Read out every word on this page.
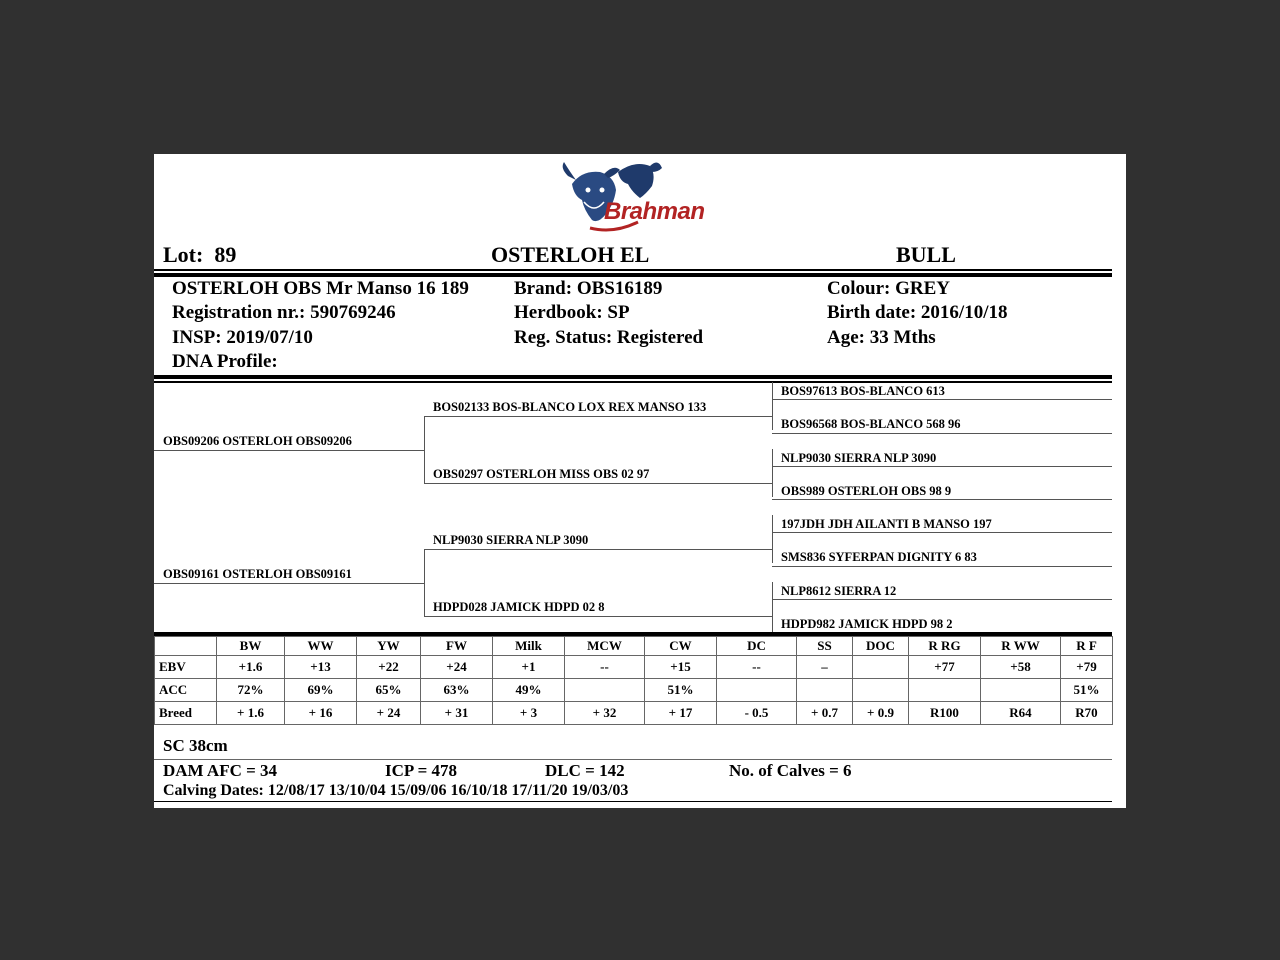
Brahman
Lot: 89	OSTERLOH EL	BULL
OSTERLOH OBS Mr Manso 16 189
Registration nr.: 590769246
INSP: 2019/07/10
DNA Profile:
Brand: OBS16189
Herdbook: SP
Reg. Status: Registered
Colour: GREY
Birth date: 2016/10/18
Age: 33 Mths
OBS09206 OSTERLOH OBS09206
OBS09161 OSTERLOH OBS09161
BOS02133 BOS-BLANCO LOX REX MANSO 133
OBS0297 OSTERLOH MISS OBS 02 97
NLP9030 SIERRA NLP 3090
HDPD028 JAMICK HDPD 02 8
BOS97613 BOS-BLANCO 613
BOS96568 BOS-BLANCO 568 96
NLP9030 SIERRA NLP 3090
OBS989 OSTERLOH OBS 98 9
197JDH JDH AILANTI B MANSO 197
SMS836 SYFERPAN DIGNITY 6 83
NLP8612 SIERRA 12
HDPD982 JAMICK HDPD 98 2
	BW	WW	YW	FW	Milk	MCW	CW	DC	SS	DOC	R RG	R WW	R F
EBV	+1.6	+13	+22	+24	+1	--	+15	--	–		+77	+58	+79
ACC	72%	69%	65%	63%	49%		51%						51%
Breed	+ 1.6	+ 16	+ 24	+ 31	+ 3	+ 32	+ 17	- 0.5	+ 0.7	+ 0.9	R100	R64	R70
SC 38cm
DAM AFC = 34	ICP = 478	DLC = 142	No. of Calves = 6
Calving Dates: 12/08/17 13/10/04 15/09/06 16/10/18 17/11/20 19/03/03
